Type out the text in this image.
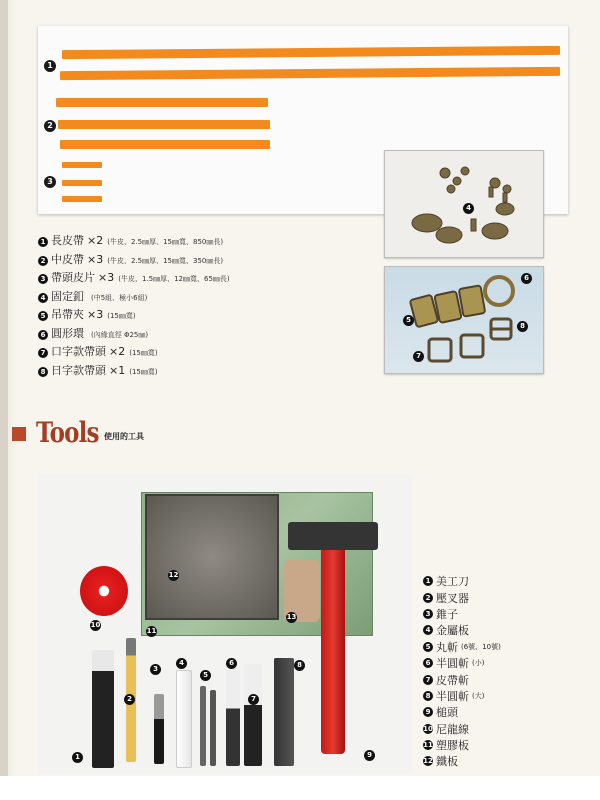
1
2
3
4
5
6
7
8
1 長皮帶 ×2 (牛皮、2.5㎜厚、15㎜寬、850㎜長)
2 中皮帶 ×3 (牛皮、2.5㎜厚、15㎜寬、350㎜長)
3 帶頭皮片 ×3 (牛皮、1.5㎜厚、12㎜寬、65㎜長)
4 固定釦 (中5組、極小6組)
5 吊帶夾 ×3 (15㎜寬)
6 圓形環 (內緣直徑 Φ25㎜)
7 口字款帶頭 ×2 (15㎜寬)
8 日字款帶頭 ×1 (15㎜寬)
Tools 使用的工具
1
2
3
4
5
6
7
8
9
10
11
12
13
1 美工刀
2 壓叉器
3 錐子
4 金屬板
5 丸斬 (6號、10號)
6 半圓斬 (小)
7 皮帶斬
8 半圓斬 (大)
9 槌頭
10 尼龍線
11 塑膠板
12 鐵板
